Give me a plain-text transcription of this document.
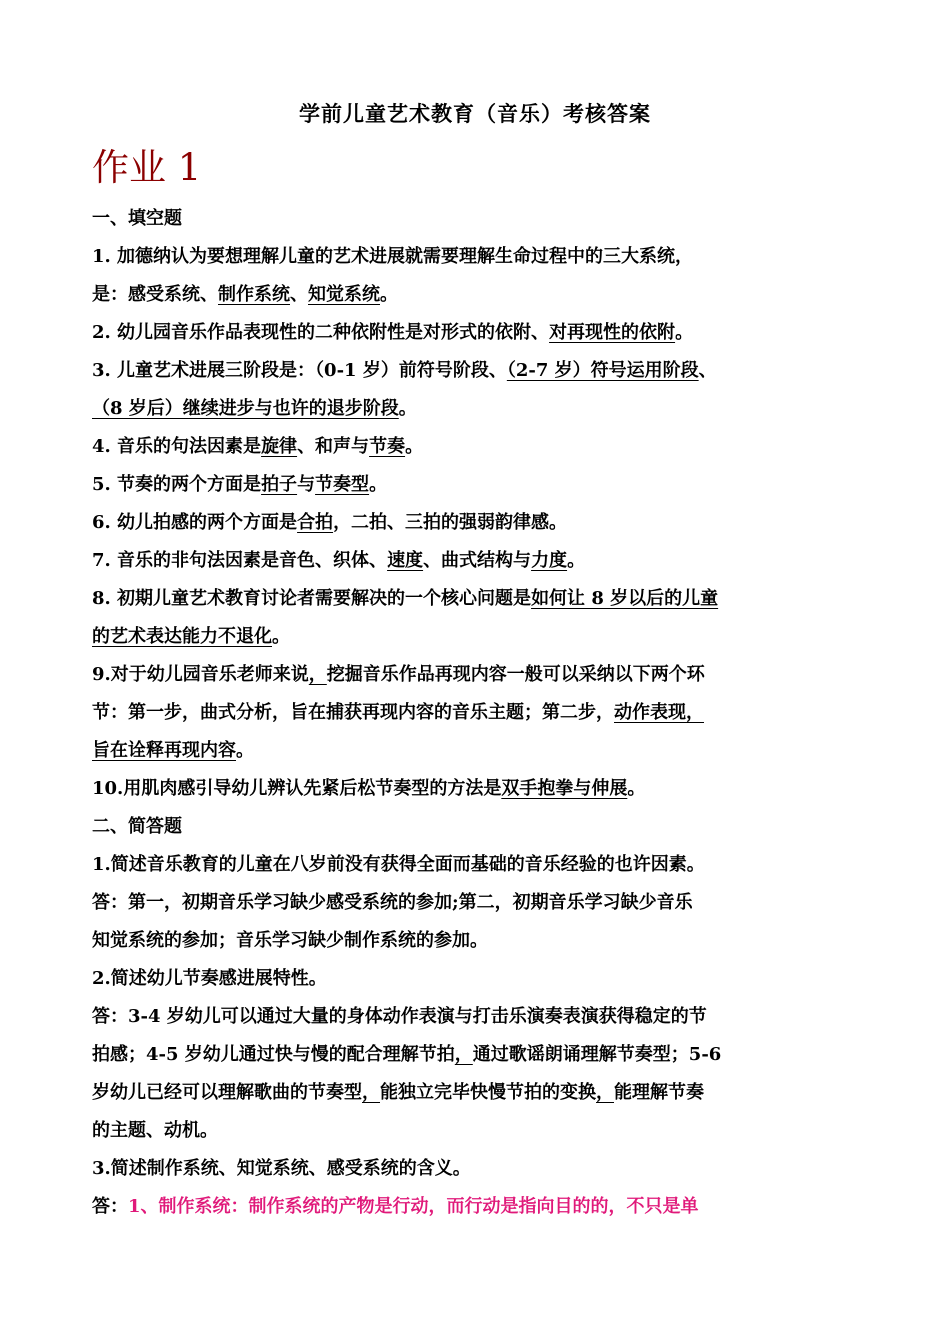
学前儿童艺术教育（音乐）考核答案
作业 1
一、填空题
1. 加德纳认为要想理解儿童的艺术进展就需要理解生命过程中的三大系统，
是：感受系统、制作系统、知觉系统。
2. 幼儿园音乐作品表现性的二种依附性是对形式的依附、对再现性的依附。
3. 儿童艺术进展三阶段是：（0-1 岁）前符号阶段、（2-7 岁）符号运用阶段、
（8 岁后）继续进步与也许的退步阶段。
4. 音乐的句法因素是旋律、和声与节奏。
5. 节奏的两个方面是拍子与节奏型。
6. 幼儿拍感的两个方面是合拍，二拍、三拍的强弱韵律感。
7. 音乐的非句法因素是音色、织体、速度、曲式结构与力度。
8. 初期儿童艺术教育讨论者需要解决的一个核心问题是如何让 8 岁以后的儿童
的艺术表达能力不退化。
9.对于幼儿园音乐老师来说，挖掘音乐作品再现内容一般可以采纳以下两个环
节：第一步，曲式分析，旨在捕获再现内容的音乐主题；第二步，动作表现，
旨在诠释再现内容。
10.用肌肉感引导幼儿辨认先紧后松节奏型的方法是双手抱拳与伸展。
二、简答题
1.简述音乐教育的儿童在八岁前没有获得全面而基础的音乐经验的也许因素。
答：第一，初期音乐学习缺少感受系统的参加;第二，初期音乐学习缺少音乐
知觉系统的参加；音乐学习缺少制作系统的参加。
2.简述幼儿节奏感进展特性。
答：3-4 岁幼儿可以通过大量的身体动作表演与打击乐演奏表演获得稳定的节
拍感；4-5 岁幼儿通过快与慢的配合理解节拍，通过歌谣朗诵理解节奏型；5-6
岁幼儿已经可以理解歌曲的节奏型，能独立完毕快慢节拍的变换，能理解节奏
的主题、动机。
3.简述制作系统、知觉系统、感受系统的含义。
答：1、制作系统：制作系统的产物是行动，而行动是指向目的的，不只是单
